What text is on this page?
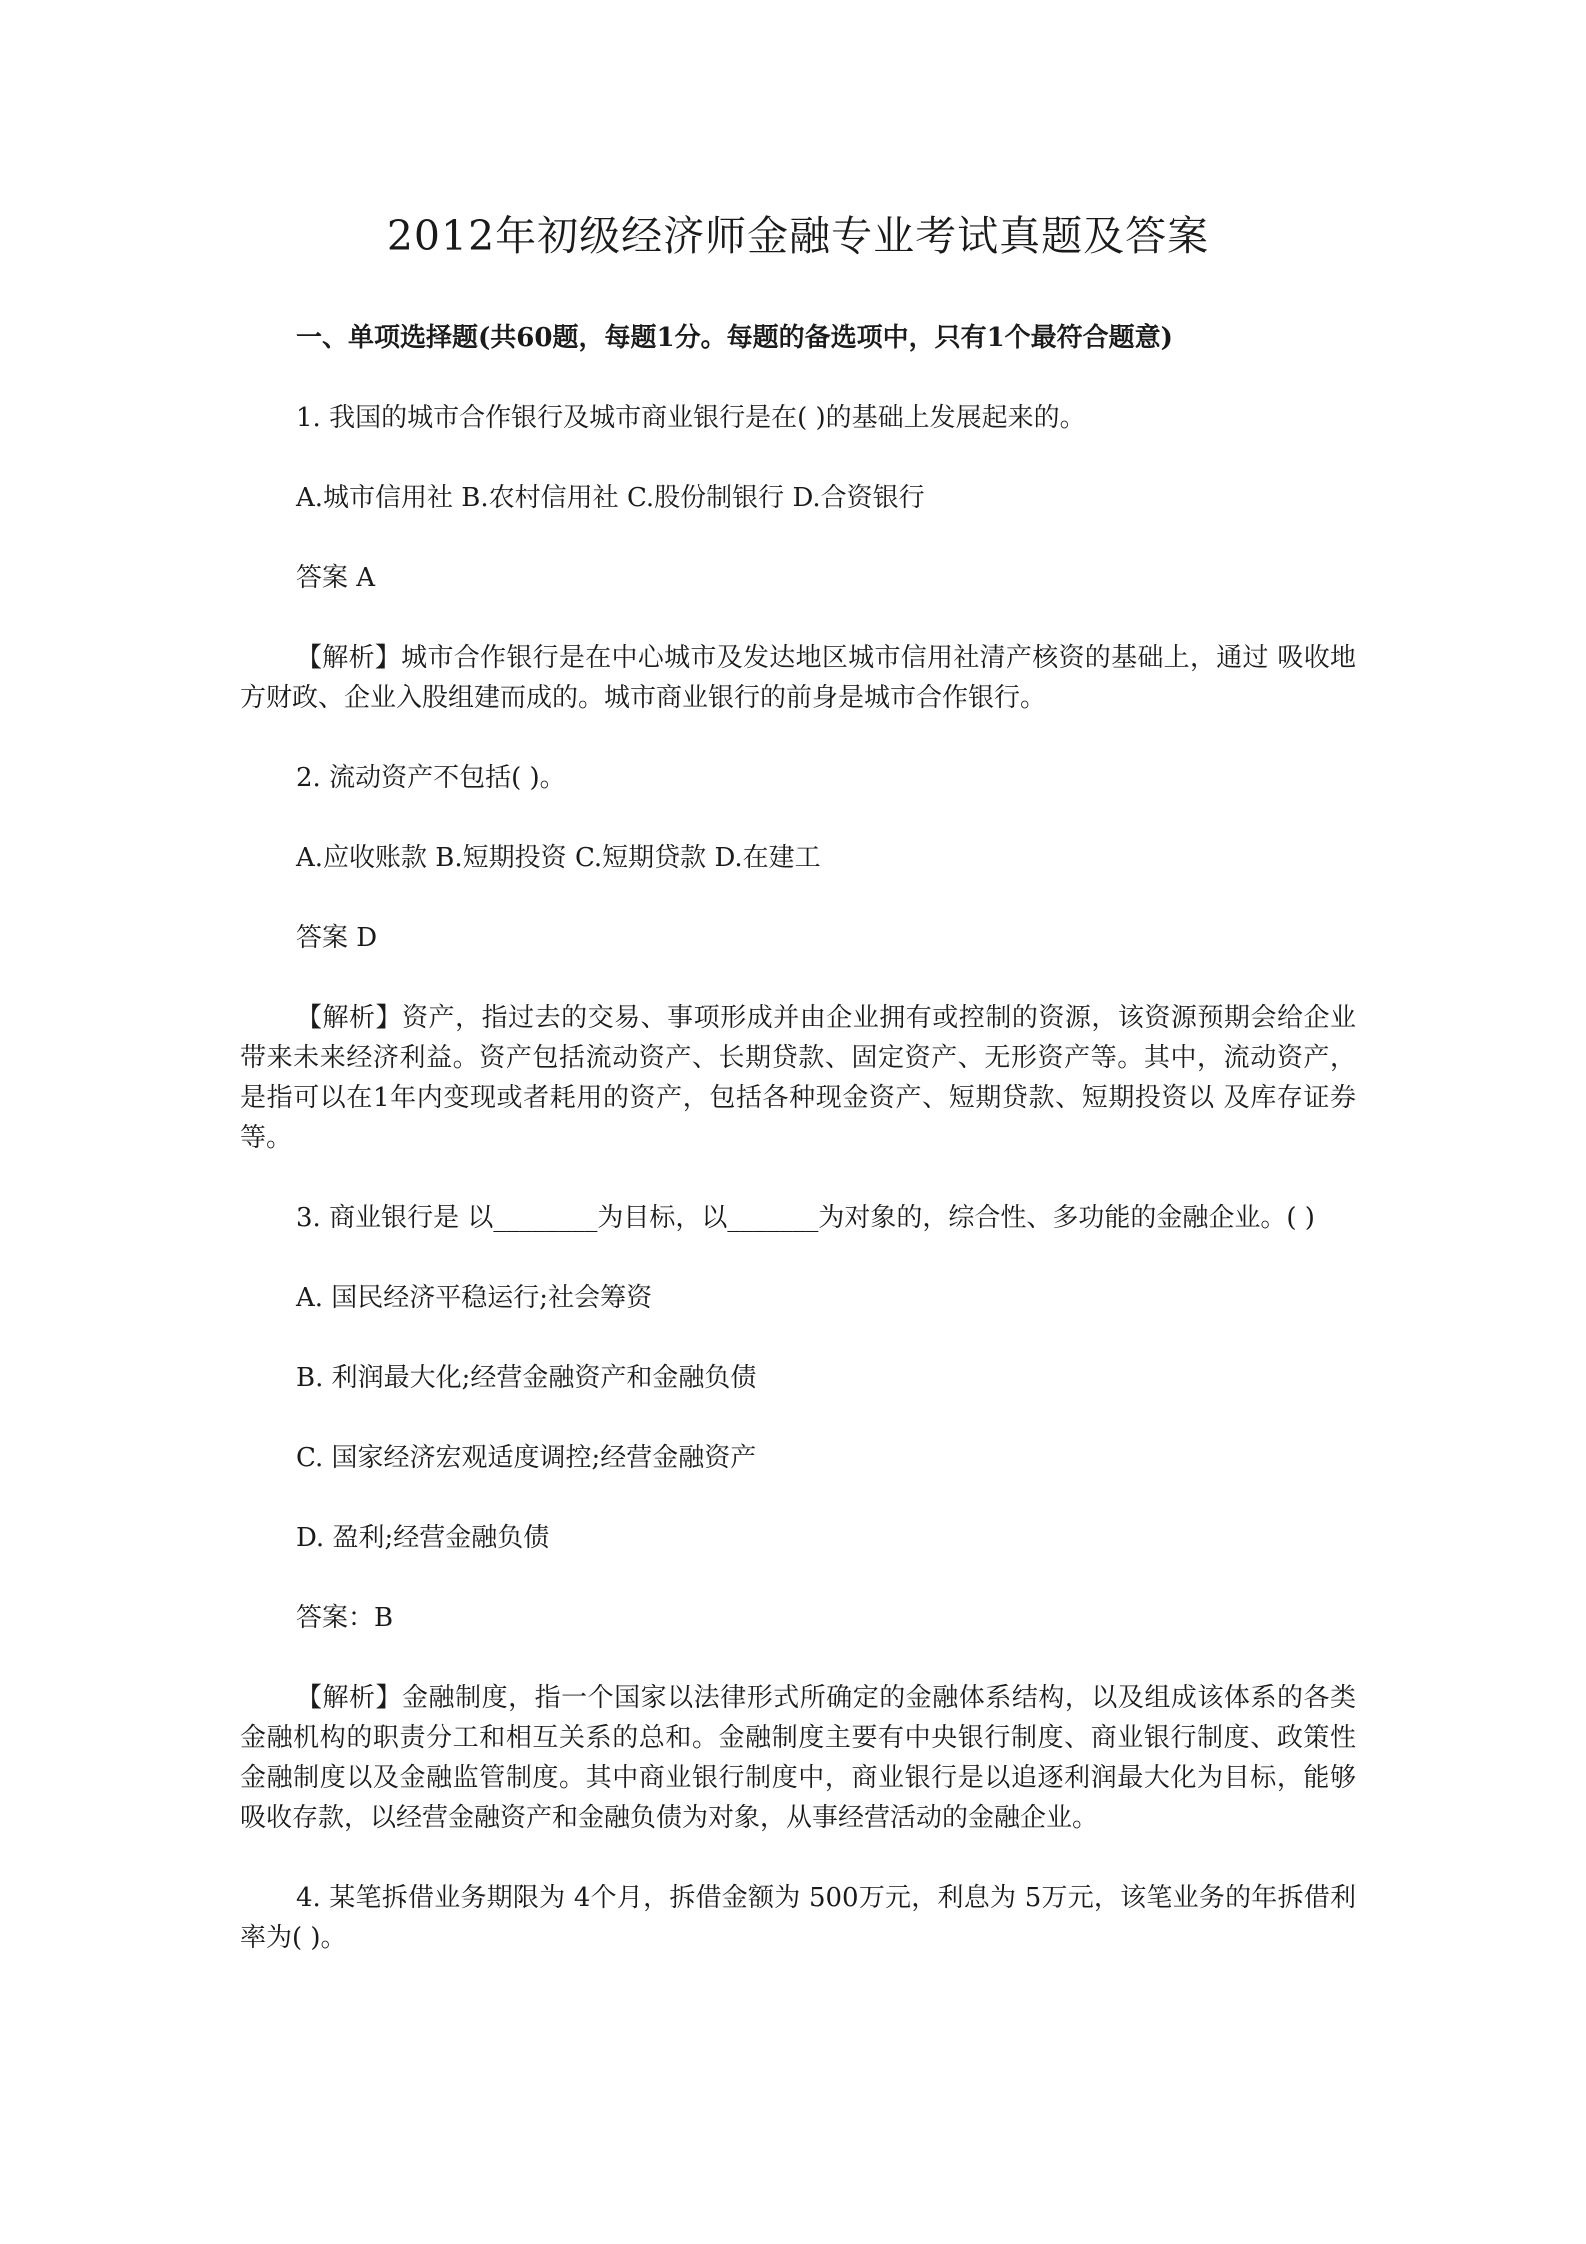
2012年初级经济师金融专业考试真题及答案
一、单项选择题(共60题，每题1分。每题的备选项中，只有1个最符合题意)

1. 我国的城市合作银行及城市商业银行是在( )的基础上发展起来的。

A.城市信用社 B.农村信用社 C.股份制银行 D.合资银行

答案 A

【解析】城市合作银行是在中心城市及发达地区城市信用社清产核资的基础上，通过 吸收地方财政、企业入股组建而成的。城市商业银行的前身是城市合作银行。

2. 流动资产不包括( )。

A.应收账款 B.短期投资 C.短期贷款 D.在建工

答案 D

【解析】资产，指过去的交易、事项形成并由企业拥有或控制的资源，该资源预期会给企业带来未来经济利益。资产包括流动资产、长期贷款、固定资产、无形资产等。其中，流动资产，是指可以在1年内变现或者耗用的资产，包括各种现金资产、短期贷款、短期投资以 及库存证券等。

3. 商业银行是 以________为目标，以_______为对象的，综合性、多功能的金融企业。( )

A. 国民经济平稳运行;社会筹资

B. 利润最大化;经营金融资产和金融负债

C. 国家经济宏观适度调控;经营金融资产

D. 盈利;经营金融负债

答案：B

【解析】金融制度，指一个国家以法律形式所确定的金融体系结构，以及组成该体系的各类金融机构的职责分工和相互关系的总和。金融制度主要有中央银行制度、商业银行制度、政策性金融制度以及金融监管制度。其中商业银行制度中，商业银行是以追逐利润最大化为目标，能够吸收存款，以经营金融资产和金融负债为对象，从事经营活动的金融企业。

4. 某笔拆借业务期限为 4个月，拆借金额为 500万元，利息为 5万元，该笔业务的年拆借利率为( )。
